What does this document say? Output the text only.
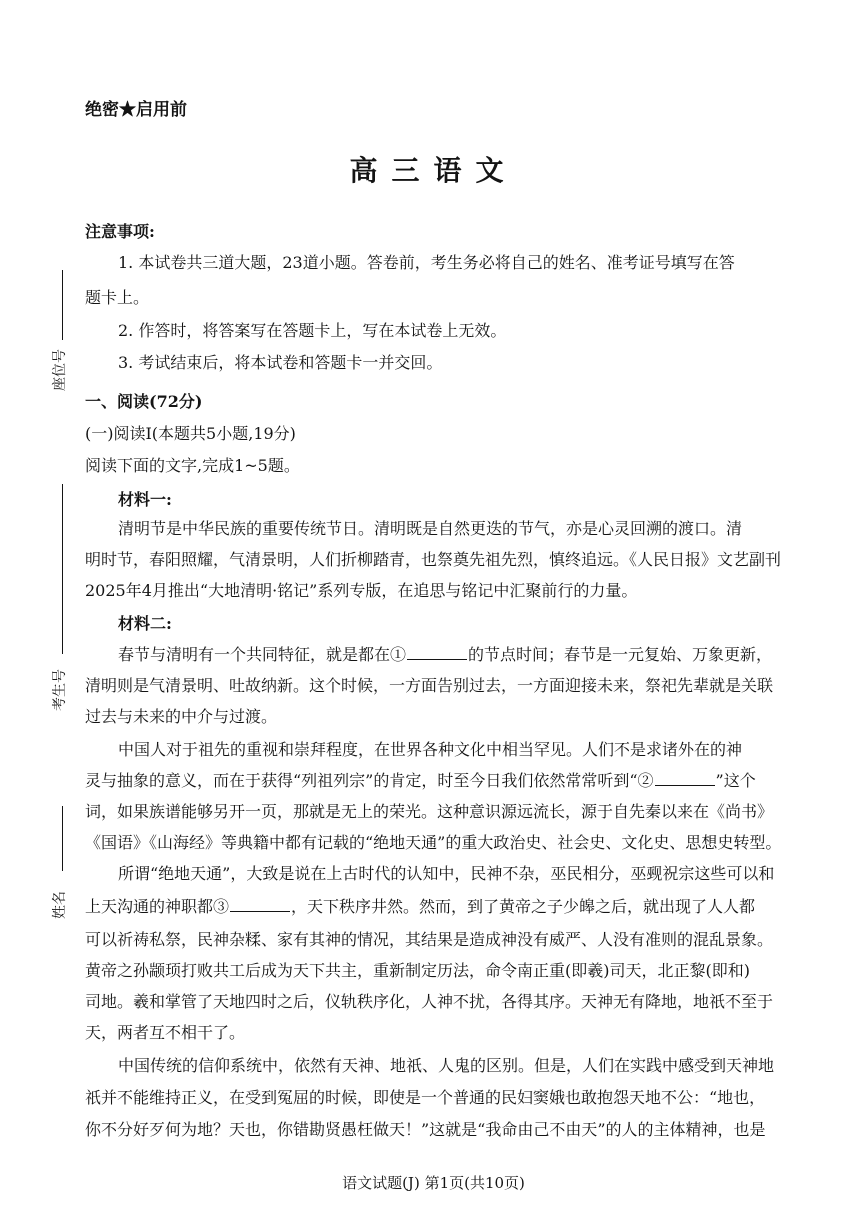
座位号
考生号
姓名
绝密★启用前
高三语文
注意事项:
1. 本试卷共三道大题，23道小题。答卷前，考生务必将自己的姓名、准考证号填写在答
题卡上。
2. 作答时，将答案写在答题卡上，写在本试卷上无效。
3. 考试结束后，将本试卷和答题卡一并交回。
一、阅读(72分)
(一)阅读Ⅰ(本题共5小题,19分)
阅读下面的文字,完成1~5题。
材料一:
清明节是中华民族的重要传统节日。清明既是自然更迭的节气，亦是心灵回溯的渡口。清
明时节，春阳照耀，气清景明，人们折柳踏青，也祭奠先祖先烈，慎终追远。《人民日报》文艺副刊
2025年4月推出“大地清明·铭记”系列专版，在追思与铭记中汇聚前行的力量。
材料二:
春节与清明有一个共同特征，就是都在①	的节点时间；春节是一元复始、万象更新，
清明则是气清景明、吐故纳新。这个时候，一方面告别过去，一方面迎接未来，祭祀先辈就是关联
过去与未来的中介与过渡。
中国人对于祖先的重视和崇拜程度，在世界各种文化中相当罕见。人们不是求诸外在的神
灵与抽象的意义，而在于获得“列祖列宗”的肯定，时至今日我们依然常常听到“②	”这个
词，如果族谱能够另开一页，那就是无上的荣光。这种意识源远流长，源于自先秦以来在《尚书》
《国语》《山海经》等典籍中都有记载的“绝地天通”的重大政治史、社会史、文化史、思想史转型。
所谓“绝地天通”，大致是说在上古时代的认知中，民神不杂，巫民相分，巫觋祝宗这些可以和
上天沟通的神职都③	，天下秩序井然。然而，到了黄帝之子少皞之后，就出现了人人都
可以祈祷私祭，民神杂糅、家有其神的情况，其结果是造成神没有威严、人没有准则的混乱景象。
黄帝之孙颛顼打败共工后成为天下共主，重新制定历法，命令南正重(即羲)司天，北正黎(即和)
司地。羲和掌管了天地四时之后，仪轨秩序化，人神不扰，各得其序。天神无有降地，地祇不至于
天，两者互不相干了。
中国传统的信仰系统中，依然有天神、地祇、人鬼的区别。但是，人们在实践中感受到天神地
祇并不能维持正义，在受到冤屈的时候，即使是一个普通的民妇窦娥也敢抱怨天地不公：“地也，
你不分好歹何为地？天也，你错勘贤愚枉做天！”这就是“我命由己不由天”的人的主体精神，也是
语文试题(J) 第1页(共10页)
